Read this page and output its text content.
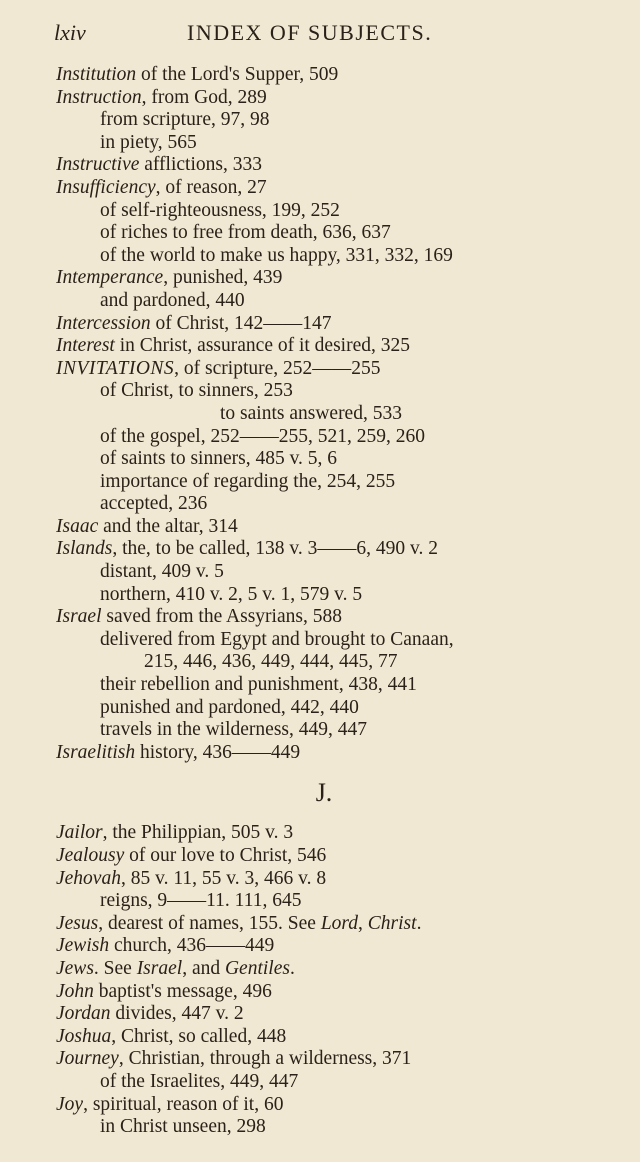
lxiv	INDEX OF SUBJECTS.
Institution of the Lord's Supper, 509
Instruction, from God, 289
from scripture, 97, 98
in piety, 565
Instructive afflictions, 333
Insufficiency, of reason, 27
of self-righteousness, 199, 252
of riches to free from death, 636, 637
of the world to make us happy, 331, 332, 169
Intemperance, punished, 439
and pardoned, 440
Intercession of Christ, 142——147
Interest in Christ, assurance of it desired, 325
INVITATIONS, of scripture, 252——255
of Christ, to sinners, 253
to saints answered, 533
of the gospel, 252——255, 521, 259, 260
of saints to sinners, 485 v. 5, 6
importance of regarding the, 254, 255
accepted, 236
Isaac and the altar, 314
Islands, the, to be called, 138 v. 3——6, 490 v. 2
distant, 409 v. 5
northern, 410 v. 2, 5 v. 1, 579 v. 5
Israel saved from the Assyrians, 588
delivered from Egypt and brought to Canaan,
215, 446, 436, 449, 444, 445, 77
their rebellion and punishment, 438, 441
punished and pardoned, 442, 440
travels in the wilderness, 449, 447
Israelitish history, 436——449
J.
Jailor, the Philippian, 505 v. 3
Jealousy of our love to Christ, 546
Jehovah, 85 v. 11, 55 v. 3, 466 v. 8
reigns, 9——11. 111, 645
Jesus, dearest of names, 155. See Lord, Christ.
Jewish church, 436——449
Jews. See Israel, and Gentiles.
John baptist's message, 496
Jordan divides, 447 v. 2
Joshua, Christ, so called, 448
Journey, Christian, through a wilderness, 371
of the Israelites, 449, 447
Joy, spiritual, reason of it, 60
in Christ unseen, 298
